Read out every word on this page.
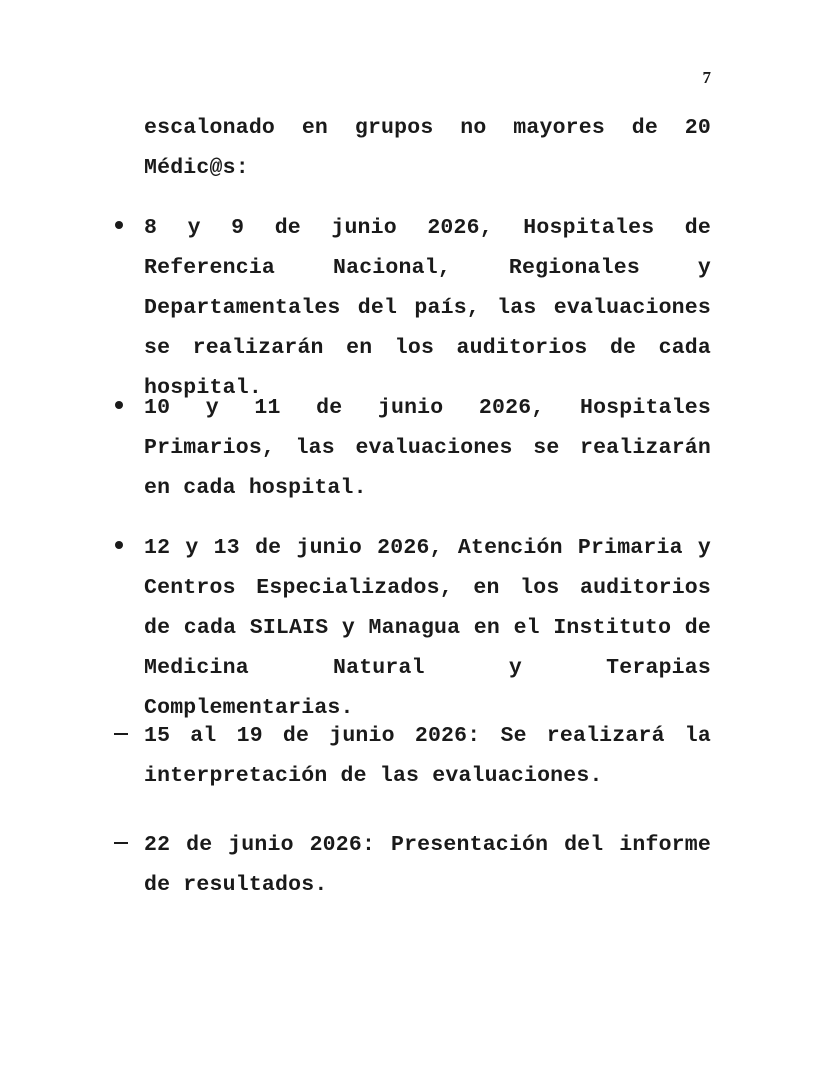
7
escalonado en grupos no mayores de 20 Médic@s:
8 y 9 de junio 2026, Hospitales de Referencia Nacional, Regionales y Departamentales del país, las evaluaciones se realizarán en los auditorios de cada hospital.
10 y 11 de junio 2026, Hospitales Primarios, las evaluaciones se realizarán en cada hospital.
12 y 13 de junio 2026, Atención Primaria y Centros Especializados, en los auditorios de cada SILAIS y Managua en el Instituto de Medicina Natural y Terapias Complementarias.
15 al 19 de junio 2026: Se realizará la interpretación de las evaluaciones.
22 de junio 2026: Presentación del informe de resultados.
